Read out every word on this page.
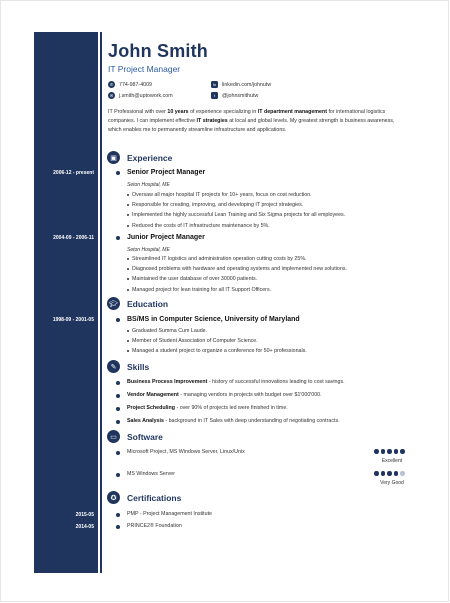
John Smith
IT Project Manager
✆	774-987-4009
✉	j.smith@uptowork.com
in	linkedin.com/johnutw
t	@johnsmithutw
IT Professional with over 10 years of experience specializing in IT department management for international logistics companies. I can implement effective IT strategies at local and global levels. My greatest strength is business awareness, which enables me to permanently streamline infrastructure and applications.
▣	Experience
2006-12 - present	Senior Project Manager
Seton Hospital, ME
Oversaw all major hospital IT projects for 10+ years, focus on cost reduction.
Responsible for creating, improving, and developing IT project strategies.
Implemented the highly successful Lean Training and Six Sigma projects for all employees.
Reduced the costs of IT infrastructure maintenance by 5%.
2004-09 - 2006-11	Junior Project Manager
Seton Hospital, ME
Streamlined IT logistics and administration operation cutting costs by 25%.
Diagnosed problems with hardware and operating systems and implemented new solutions.
Maintained the user database of over 30000 patients.
Managed project for lean training for all IT Support Officers.
🎓︎ Education
1998-09 - 2001-05	BS/MS in Computer Science, University of Maryland
Graduated Summa Cum Laude.
Member of Student Association of Computer Science.
Managed a student project to organize a conference for 50+ professionals.
✎	Skills
Business Process Improvement - history of successful innovations leading to cost savings.
Vendor Management - managing vendors in projects with budget over $1'000'000.
Project Scheduling - over 90% of projects led were finished in time.
Sales Analysis - background in IT Sales with deep understanding of negotiating contracts.
▭	Software
Microsoft Project, MS Windows Server, Linux/Unix
Excellent
MS Windows Server
Very Good
✪	Certifications
2015-05	PMP - Project Management Institute
2014-05	PRINCE2® Foundation
